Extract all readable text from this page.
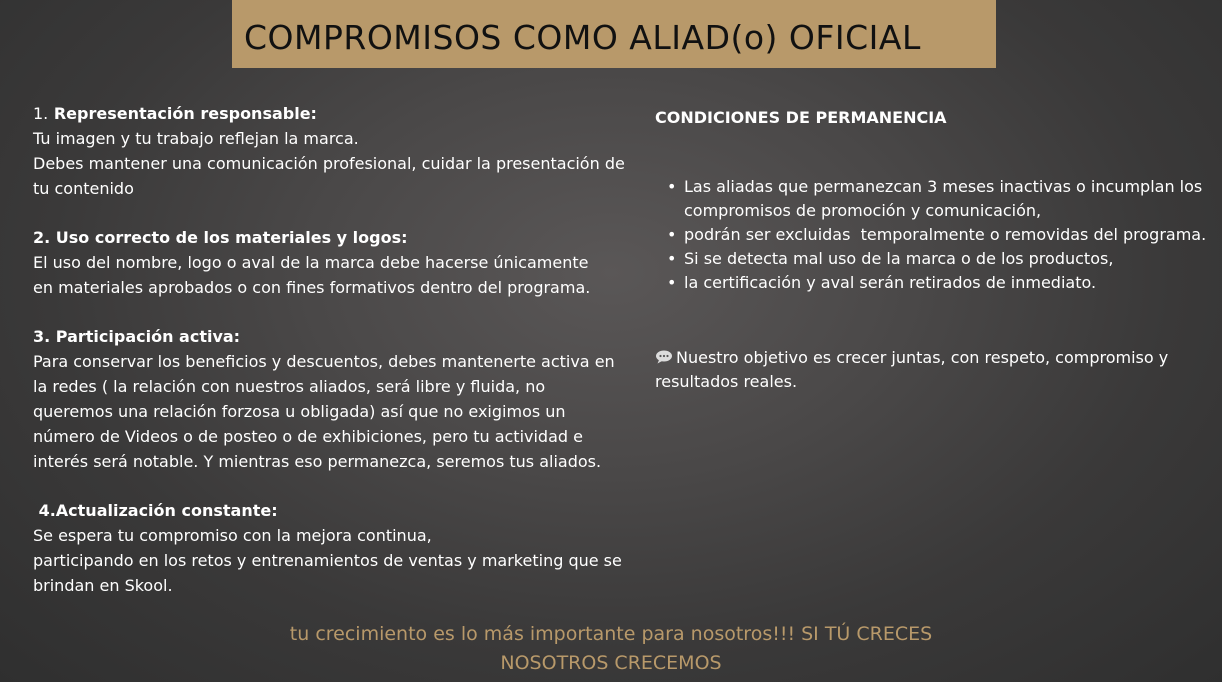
COMPROMISOS COMO ALIAD(o) OFICIAL
1. Representación responsable:
Tu imagen y tu trabajo reflejan la marca.
Debes mantener una comunicación profesional, cuidar la presentación de
tu contenido
2. Uso correcto de los materiales y logos:
El uso del nombre, logo o aval de la marca debe hacerse únicamente
en materiales aprobados o con fines formativos dentro del programa.
3. Participación activa:
Para conservar los beneficios y descuentos, debes mantenerte activa en
la redes ( la relación con nuestros aliados, será libre y fluida, no
queremos una relación forzosa u obligada) así que no exigimos un
número de Videos o de posteo o de exhibiciones, pero tu actividad e
interés será notable. Y mientras eso permanezca, seremos tus aliados.
4.Actualización constante:
Se espera tu compromiso con la mejora continua,
participando en los retos y entrenamientos de ventas y marketing que se
brindan en Skool.
CONDICIONES DE PERMANENCIA
• Las aliadas que permanezcan 3 meses inactivas o incumplan los
compromisos de promoción y comunicación,
• podrán ser excluidas  temporalmente o removidas del programa.
• Si se detecta mal uso de la marca o de los productos,
• la certificación y aval serán retirados de inmediato.
Nuestro objetivo es crecer juntas, con respeto, compromiso y
resultados reales.
tu crecimiento es lo más importante para nosotros!!! SI TÚ CRECES
NOSOTROS CRECEMOS
